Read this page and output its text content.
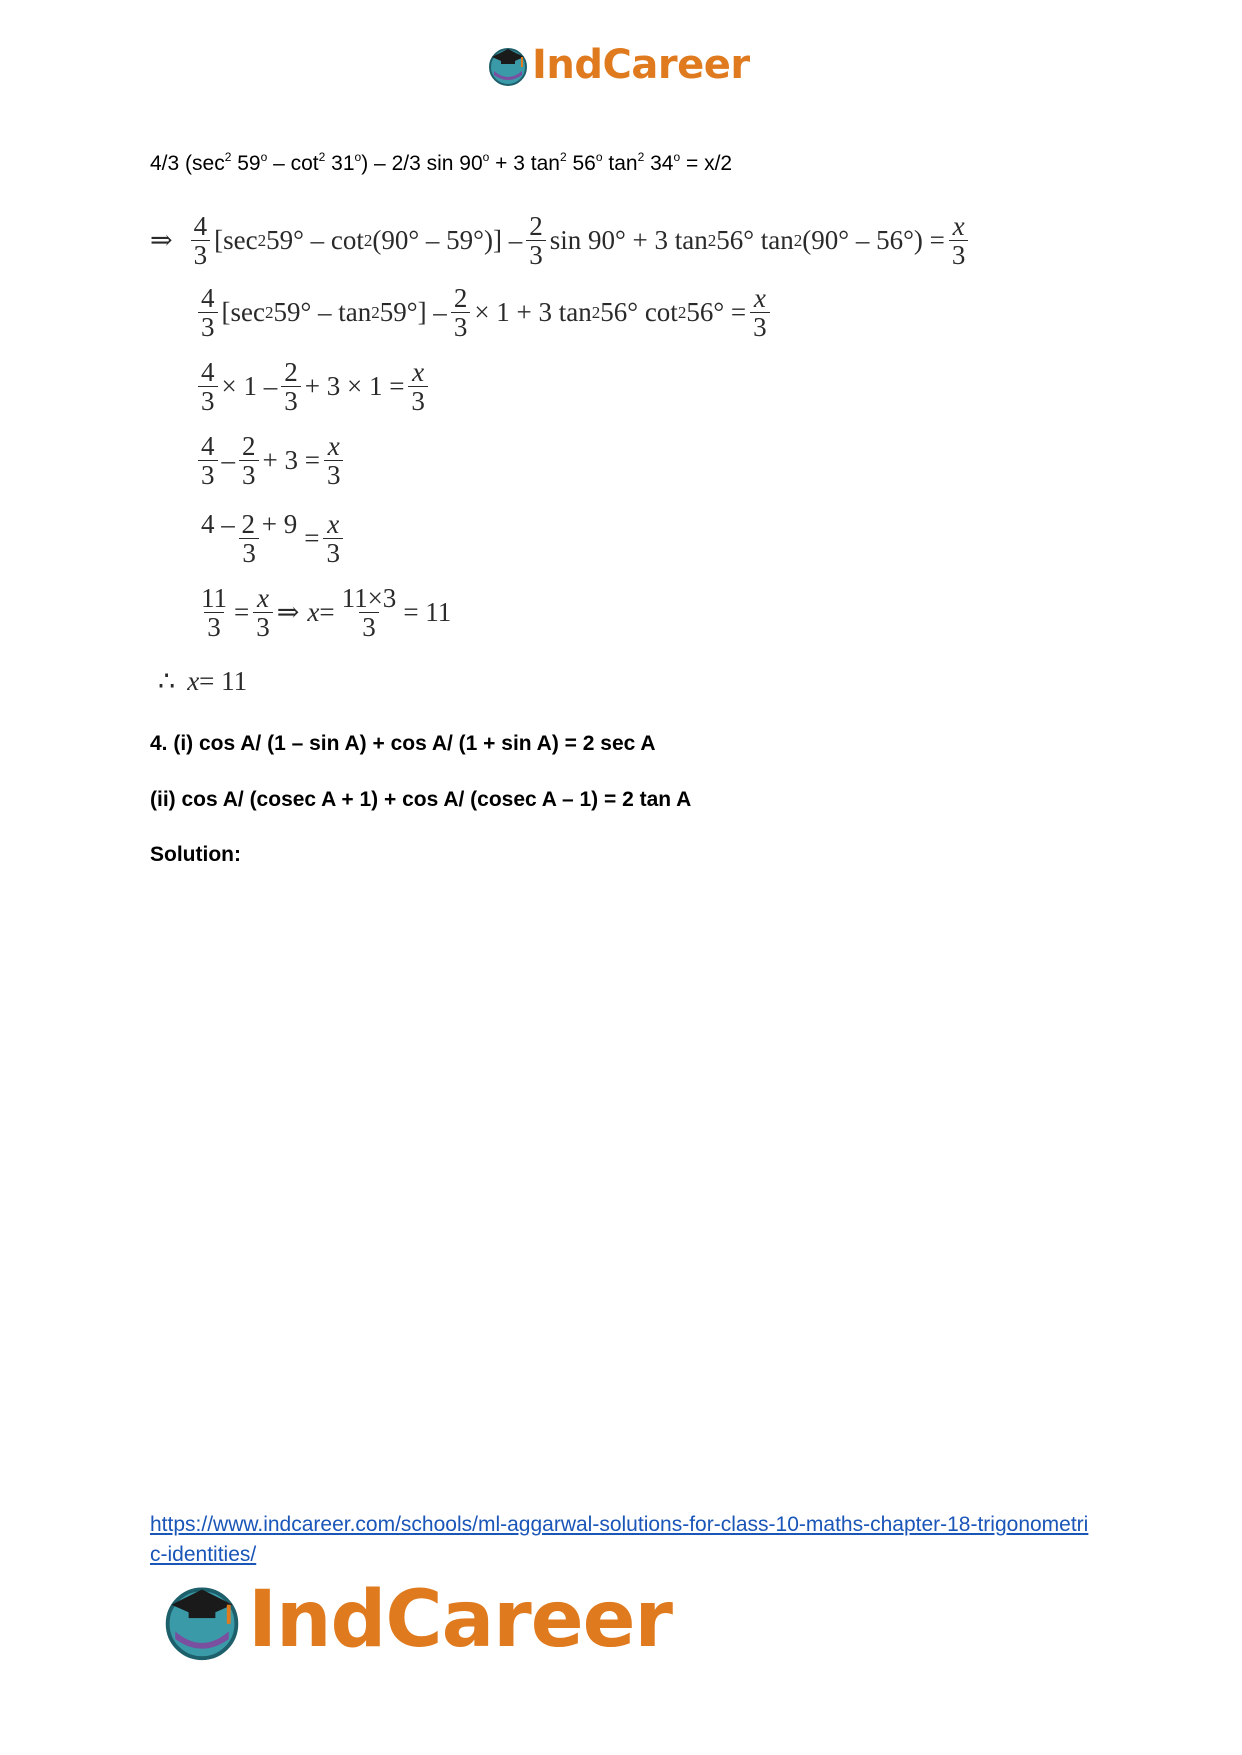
IndCareer
4/3 ($\sec^2$ $59^o - \cot^2 31^o) - 2/3$ $\sin 90^o + 3$ $\tan^2 56^o$ $\tan^2 34^o = x/2$
⇒ $\frac{4}{3} [\sec$ 2 59° – cot 2 $(90^\circ - 59^\circ)] - \frac{2}{3}$ sin 90° + 3 tan 2 56° tan 2 $(90^\circ - 56^\circ) = \frac{x}{3}$
$\frac{4}{3} [\sec$ 2 59° – tan 2 $59^\circ] - \frac{2}{3} \times 1 + 3$ tan 2 56° cot 2 $56^\circ = \frac{x}{3}$
$\frac{4}{3} \times 1 - \frac{2}{3} + 3 \times 1 = \frac{x}{3}$
$\frac{4}{3} - \frac{2}{3} + 3 = \frac{x}{3}$
$\frac{4 - 2 + 9}{3} = \frac{x}{3}$
$\frac{11}{3} = \frac{x}{3}$ ⇒ $x = \frac{11\times 3}{3} = 11$
∴ x = 11
4. (i) cos A/ (1 – sin A) + cos A/ (1 + sin A) = 2 sec A
(ii) cos A/ (cosec A + 1) + cos A/ (cosec A – 1) = 2 tan A
Solution:
https://www.indcareer.com/schools/ml-aggarwal-solutions-for-class-10-maths-chapter-18-trigonometric-identities/
IndCareer
